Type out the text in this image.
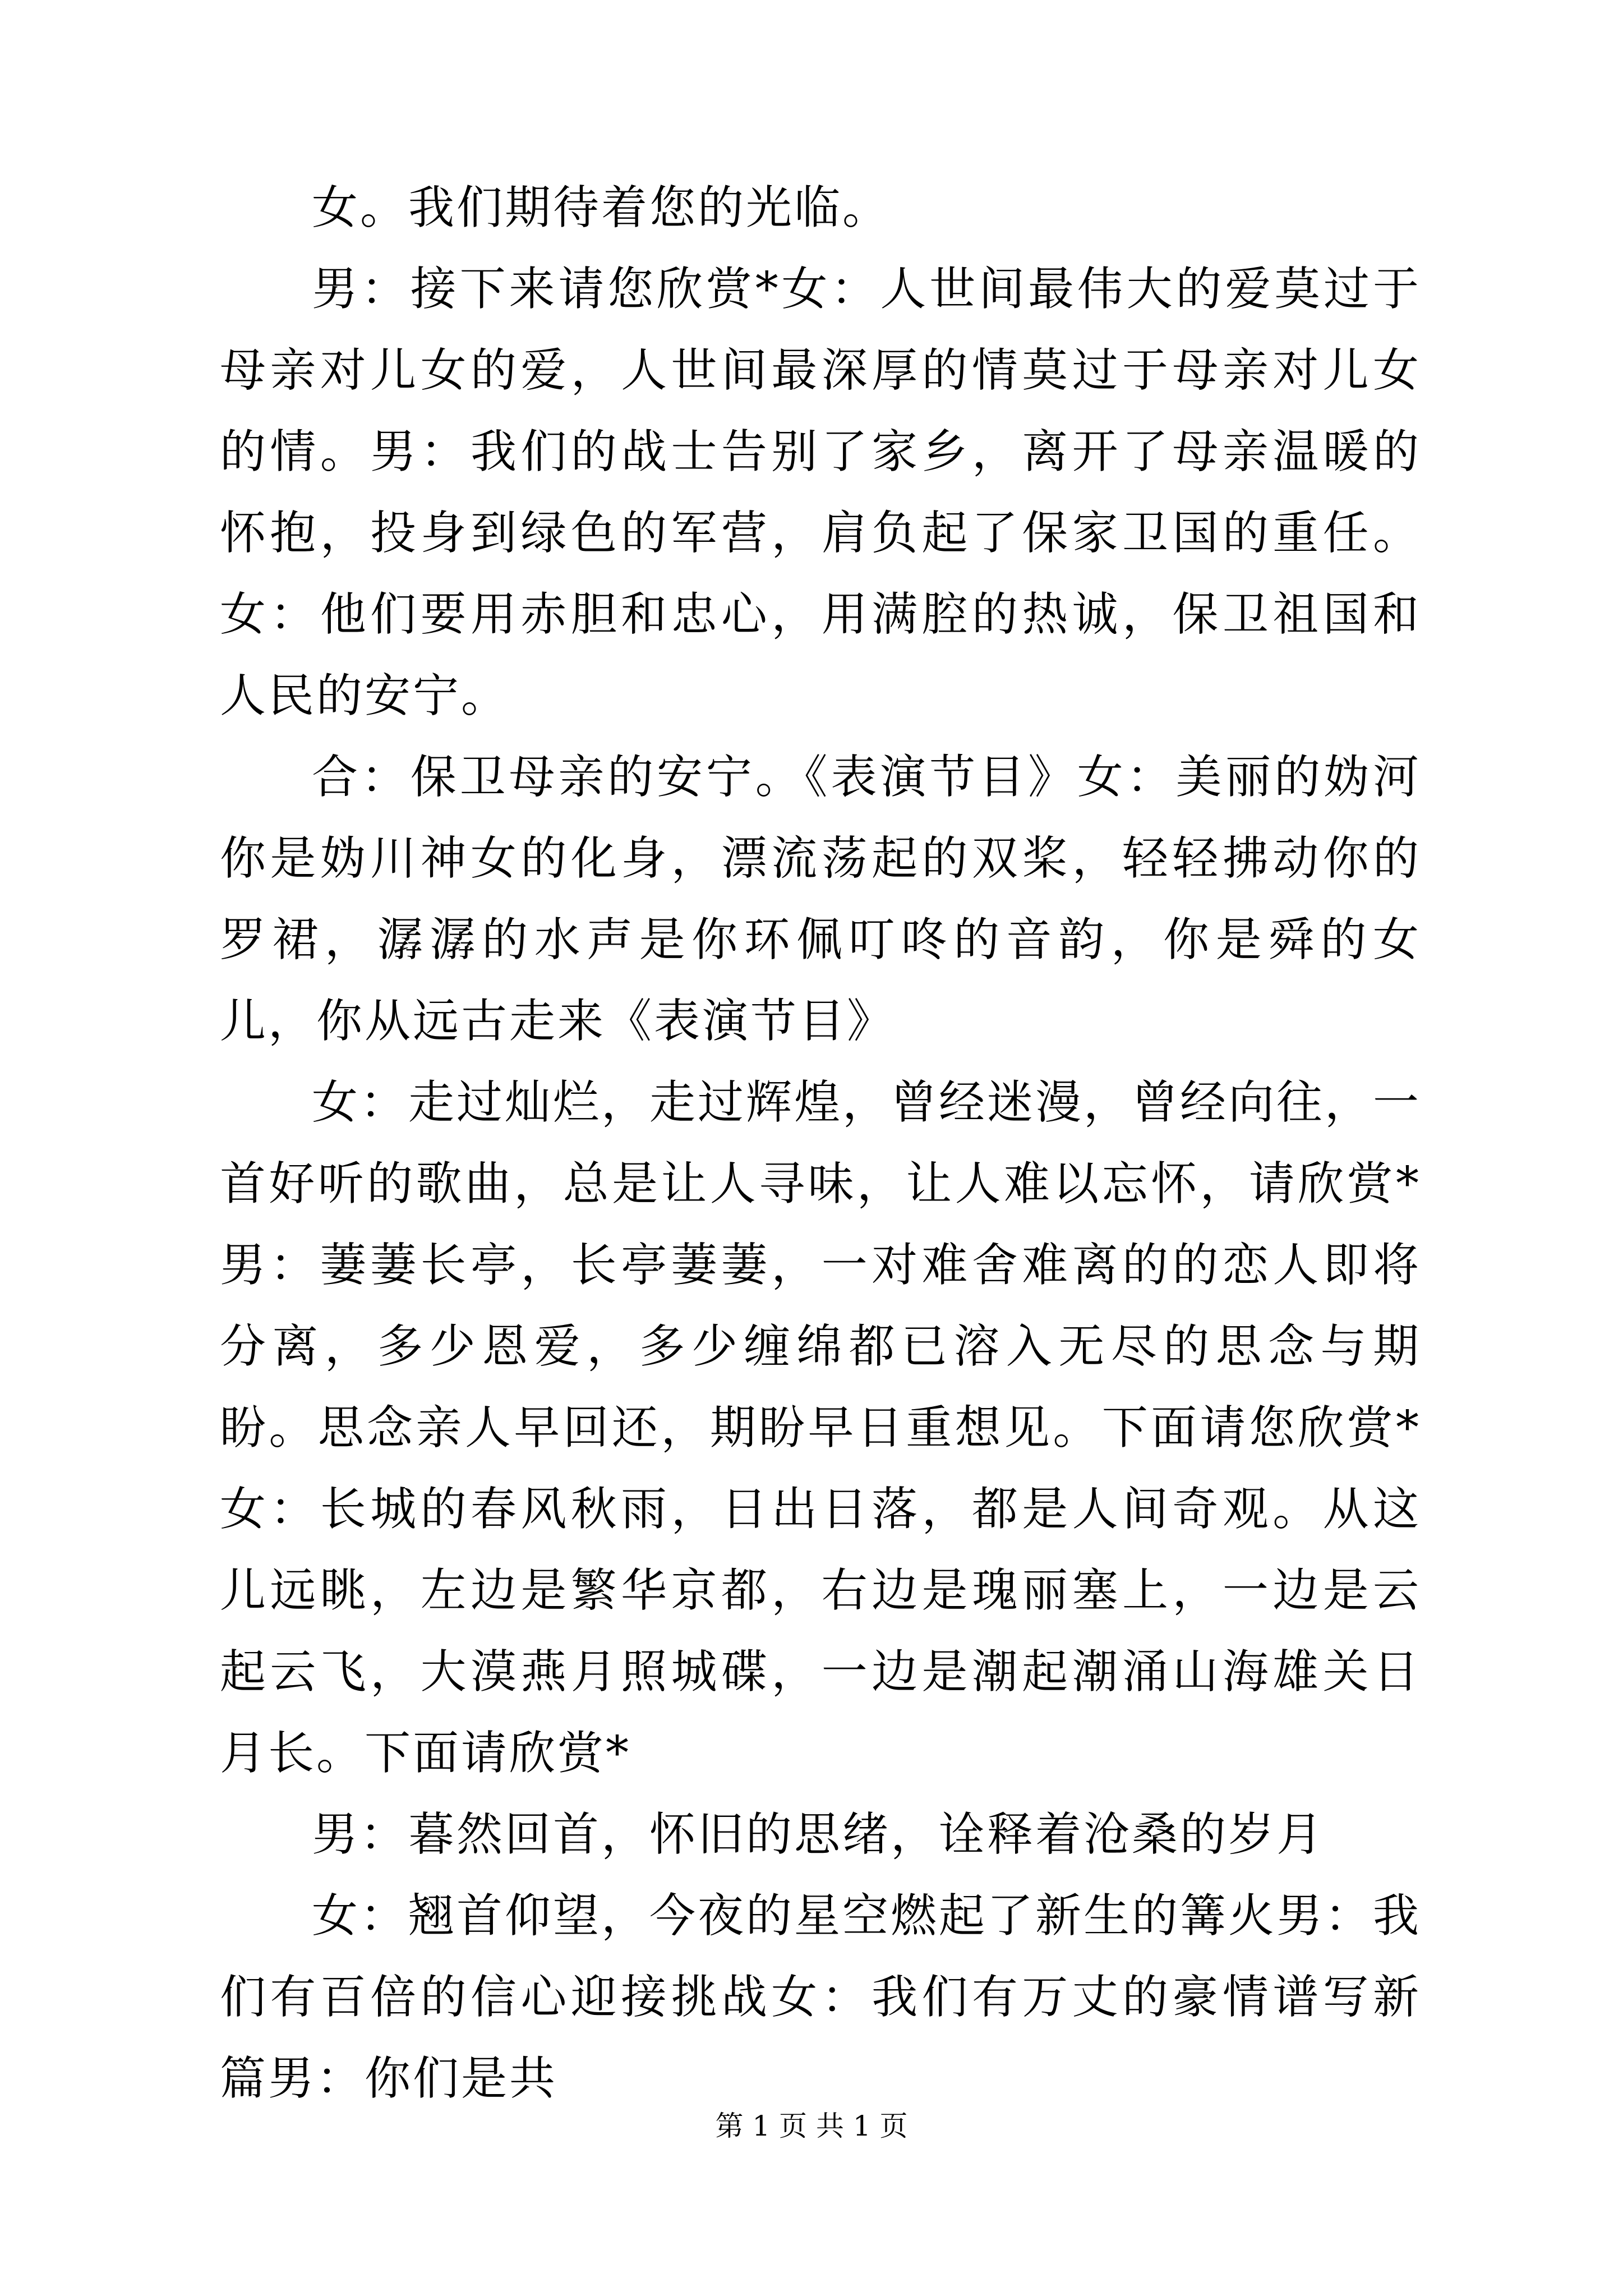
女。我们期待着您的光临。

男：接下来请您欣赏*女：人世间最伟大的爱莫过于母亲对儿女的爱，人世间最深厚的情莫过于母亲对儿女的情。男：我们的战士告别了家乡，离开了母亲温暖的怀抱，投身到绿色的军营，肩负起了保家卫国的重任。女：他们要用赤胆和忠心，用满腔的热诚，保卫祖国和人民的安宁。

合：保卫母亲的安宁。《表演节目》女：美丽的妫河你是妫川神女的化身，漂流荡起的双桨，轻轻拂动你的罗裙，潺潺的水声是你环佩叮咚的音韵，你是舜的女儿，你从远古走来《表演节目》

女：走过灿烂，走过辉煌，曾经迷漫，曾经向往，一首好听的歌曲，总是让人寻味，让人难以忘怀，请欣赏*男：萋萋长亭，长亭萋萋，一对难舍难离的的恋人即将分离，多少恩爱，多少缠绵都已溶入无尽的思念与期盼。思念亲人早回还，期盼早日重想见。下面请您欣赏*女：长城的春风秋雨，日出日落，都是人间奇观。从这儿远眺，左边是繁华京都，右边是瑰丽塞上，一边是云起云飞，大漠燕月照城碟，一边是潮起潮涌山海雄关日月长。下面请欣赏*

男：暮然回首，怀旧的思绪，诠释着沧桑的岁月

女：翘首仰望，今夜的星空燃起了新生的篝火男：我们有百倍的信心迎接挑战女：我们有万丈的豪情谱写新篇男：你们是共

第 1 页 共 1 页
